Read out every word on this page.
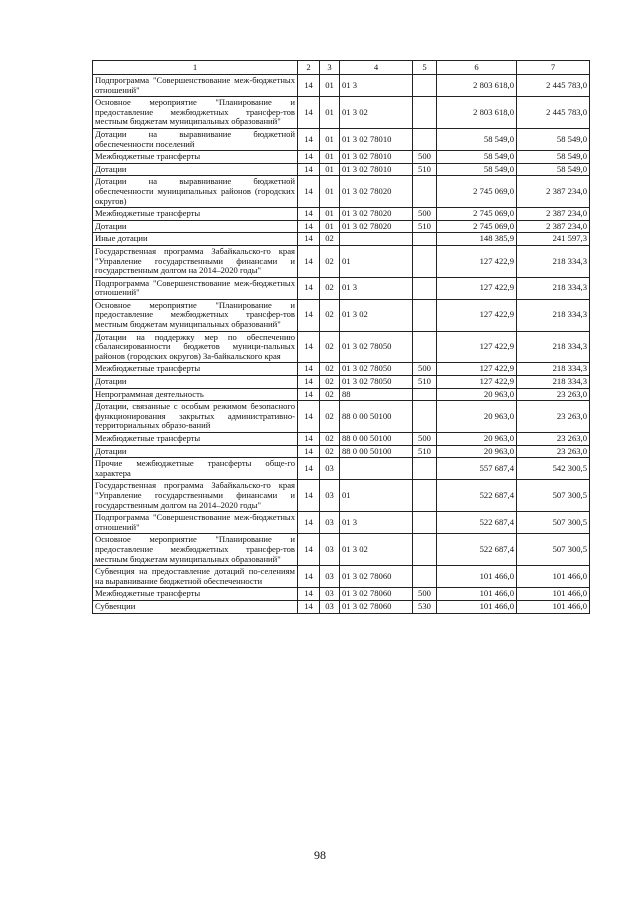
1	2	3	4	5	6	7
Подпрограмма "Совершенствование меж-бюджетных отношений"	14	01	01 3		2 803 618,0	2 445 783,0
Основное мероприятие "Планирование и предоставление межбюджетных трансфер-тов местным бюджетам муниципальных образований"	14	01	01 3 02		2 803 618,0	2 445 783,0
Дотации на выравнивание бюджетной обеспеченности поселений	14	01	01 3 02 78010		58 549,0	58 549,0
Межбюджетные трансферты	14	01	01 3 02 78010	500	58 549,0	58 549,0
Дотации	14	01	01 3 02 78010	510	58 549,0	58 549,0
Дотации на выравнивание бюджетной обеспеченности муниципальных районов (городских округов)	14	01	01 3 02 78020		2 745 069,0	2 387 234,0
Межбюджетные трансферты	14	01	01 3 02 78020	500	2 745 069,0	2 387 234,0
Дотации	14	01	01 3 02 78020	510	2 745 069,0	2 387 234,0
Иные дотации	14	02			148 385,9	241 597,3
Государственная программа Забайкальско-го края "Управление государственными финансами и государственным долгом на 2014–2020 годы"	14	02	01		127 422,9	218 334,3
Подпрограмма "Совершенствование меж-бюджетных отношений"	14	02	01 3		127 422,9	218 334,3
Основное мероприятие "Планирование и предоставление межбюджетных трансфер-тов местным бюджетам муниципальных образований"	14	02	01 3 02		127 422,9	218 334,3
Дотации на поддержку мер по обеспечению сбалансированности бюджетов муници-пальных районов (городских округов) За-байкальского края	14	02	01 3 02 78050		127 422,9	218 334,3
Межбюджетные трансферты	14	02	01 3 02 78050	500	127 422,9	218 334,3
Дотации	14	02	01 3 02 78050	510	127 422,9	218 334,3
Непрограммная деятельность	14	02	88		20 963,0	23 263,0
Дотации, связанные с особым режимом безопасного функционирования закрытых административно-территориальных образо-ваний	14	02	88 0 00 50100		20 963,0	23 263,0
Межбюджетные трансферты	14	02	88 0 00 50100	500	20 963,0	23 263,0
Дотации	14	02	88 0 00 50100	510	20 963,0	23 263,0
Прочие межбюджетные трансферты обще-го характера	14	03			557 687,4	542 300,5
Государственная программа Забайкальско-го края "Управление государственными финансами и государственным долгом на 2014–2020 годы"	14	03	01		522 687,4	507 300,5
Подпрограмма "Совершенствование меж-бюджетных отношений"	14	03	01 3		522 687,4	507 300,5
Основное мероприятие "Планирование и предоставление межбюджетных трансфер-тов местным бюджетам муниципальных образований"	14	03	01 3 02		522 687,4	507 300,5
Субвенция на предоставление дотаций по-селениям на выравнивание бюджетной обеспеченности	14	03	01 3 02 78060		101 466,0	101 466,0
Межбюджетные трансферты	14	03	01 3 02 78060	500	101 466,0	101 466,0
Субвенции	14	03	01 3 02 78060	530	101 466,0	101 466,0
98
